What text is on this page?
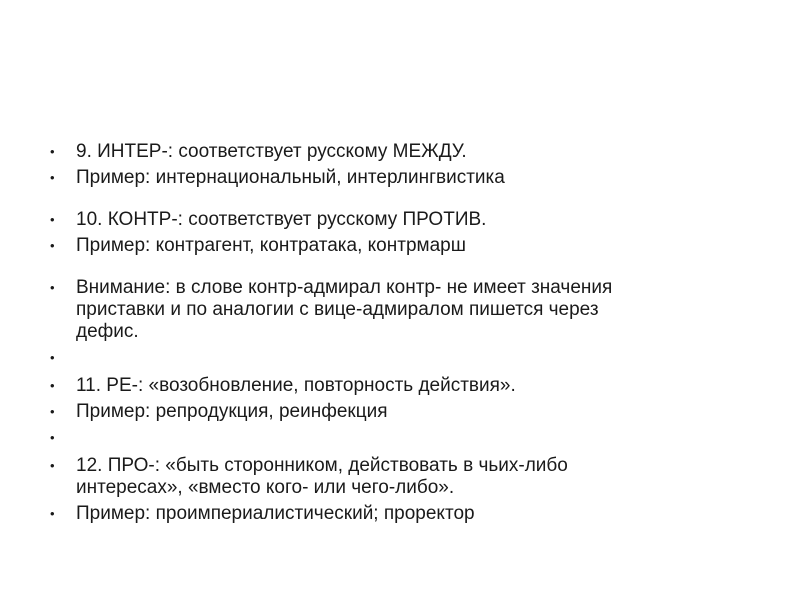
• 9. ИНТЕР-: соответствует русскому МЕЖДУ.
• Пример: интернациональный, интерлингвистика
• 10. КОНТР-: соответствует русскому ПРОТИВ.
• Пример: контрагент, контратака, контрмарш
• Внимание: в слове контр-адмирал контр- не имеет значения
приставки и по аналогии с вице-адмиралом пишется через
дефис.
•
• 11. РЕ-: «возобновление, повторность действия».
• Пример: репродукция, реинфекция
•
• 12. ПРО-: «быть сторонником, действовать в чьих-либо
интересах», «вместо кого- или чего-либо».
• Пример: проимпериалистический; проректор
